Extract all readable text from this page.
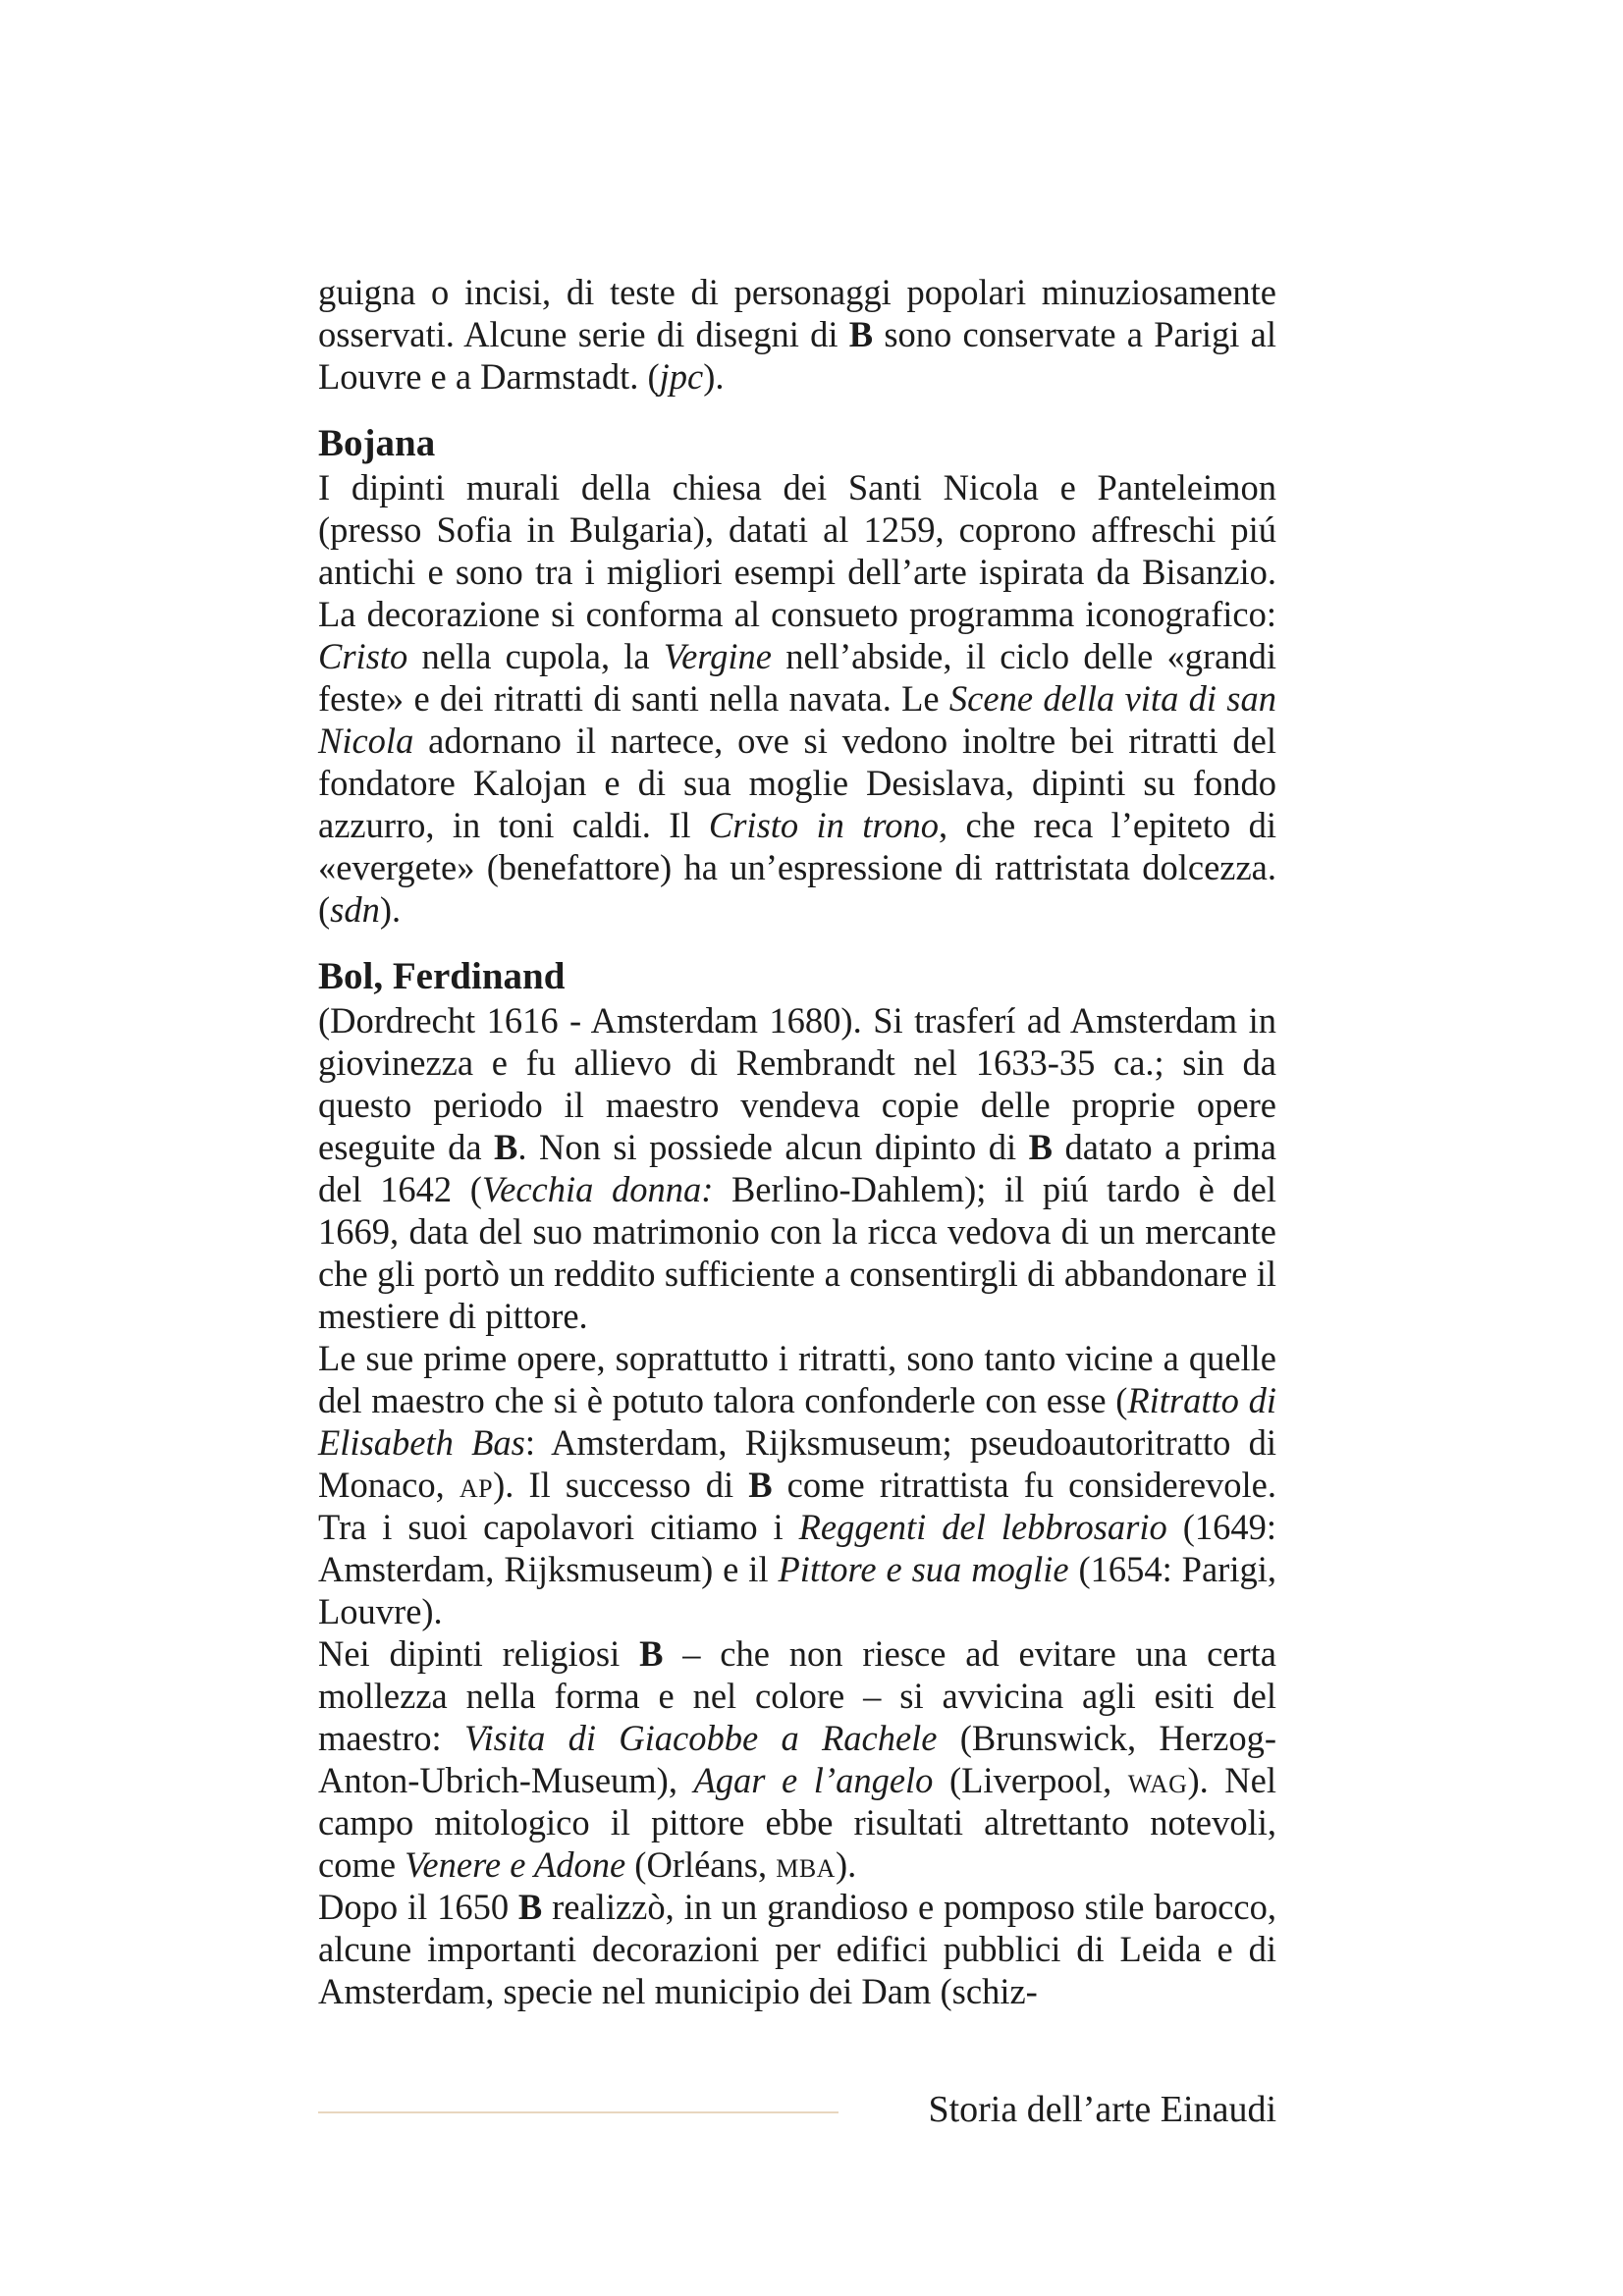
guigna o incisi, di teste di personaggi popolari minuziosamente osservati. Alcune serie di disegni di B sono conservate a Parigi al Louvre e a Darmstadt. (jpc).

Bojana

I dipinti murali della chiesa dei Santi Nicola e Panteleimon (presso Sofia in Bulgaria), datati al 1259, coprono affreschi piú antichi e sono tra i migliori esempi dell’arte ispirata da Bisanzio. La decorazione si conforma al consueto programma iconografico: Cristo nella cupola, la Vergine nell’abside, il ciclo delle «grandi feste» e dei ritratti di santi nella navata. Le Scene della vita di san Nicola adornano il nartece, ove si vedono inoltre bei ritratti del fondatore Kalojan e di sua moglie Desislava, dipinti su fondo azzurro, in toni caldi. Il Cristo in trono, che reca l’epiteto di «evergete» (benefattore) ha un’espressione di rattristata dolcezza. (sdn).

Bol, Ferdinand

(Dordrecht 1616 - Amsterdam 1680). Si trasferí ad Amsterdam in giovinezza e fu allievo di Rembrandt nel 1633-35 ca.; sin da questo periodo il maestro vendeva copie delle proprie opere eseguite da B. Non si possiede alcun dipinto di B datato a prima del 1642 (Vecchia donna: Berlino-Dahlem); il piú tardo è del 1669, data del suo matrimonio con la ricca vedova di un mercante che gli portò un reddito sufficiente a consentirgli di abbandonare il mestiere di pittore.

Le sue prime opere, soprattutto i ritratti, sono tanto vicine a quelle del maestro che si è potuto talora confonderle con esse (Ritratto di Elisabeth Bas: Amsterdam, Rijksmuseum; pseudoautoritratto di Monaco, ap). Il successo di B come ritrattista fu considerevole. Tra i suoi capolavori citiamo i Reggenti del lebbrosario (1649: Amsterdam, Rijksmuseum) e il Pittore e sua moglie (1654: Parigi, Louvre).

Nei dipinti religiosi B – che non riesce ad evitare una certa mollezza nella forma e nel colore – si avvicina agli esiti del maestro: Visita di Giacobbe a Rachele (Brunswick, Herzog-Anton-Ubrich-Museum), Agar e l’angelo (Liverpool, wag). Nel campo mitologico il pittore ebbe risultati altrettanto notevoli, come Venere e Adone (Orléans, mba).

Dopo il 1650 B realizzò, in un grandioso e pomposo stile barocco, alcune importanti decorazioni per edifici pubblici di Leida e di Amsterdam, specie nel municipio dei Dam (schiz-

Storia dell’arte Einaudi
